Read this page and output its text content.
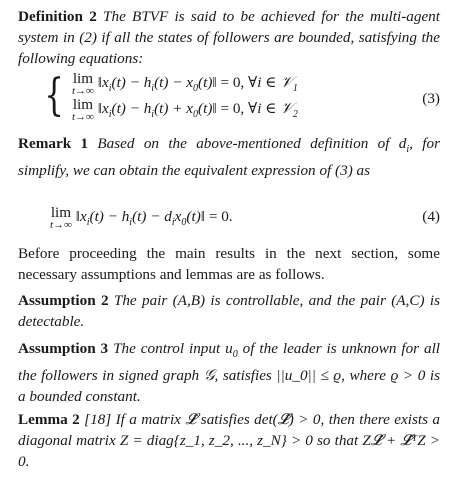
Definition 2 The BTVF is said to be achieved for the multi-agent system in (2) if all the states of followers are bounded, satisfying the following equations:
{ lim
t→∞ $‖x_i(t) - h_i(t)$ − $x_0(t)‖ = 0$, ∀i ∈ 𝒱$_1$
lim
t→∞ $‖x_i(t) - h_i(t)$ + $x_0(t)‖ = 0$, ∀i ∈ 𝒱$_2$
(3)
Remark 1 Based on the above-mentioned definition of $d_i$, for simplify, we can obtain the equivalent expression of (3) as
lim
t→∞ $‖x_i(t) - h_i(t)$ − $d_ix_0(t)‖ = 0$.	(4)
Before proceeding the main results in the next section, some necessary assumptions and lemmas are as follows.
Assumption 2 The pair (A,B) is controllable, and the pair (A,C) is detectable.
Assumption 3 The control input $u_0$ of the leader is unknown for all the followers in signed graph 𝒢, satisfies ||u_0|| ≤ ϱ, where ϱ > 0 is a bounded constant.
Lemma 2 [18] If a matrix 𝓛̂ satisfies det(𝓛̂) > 0, then there exists a diagonal matrix Z = diag{z_1, z_2, ..., z_N} > 0 so that Z𝓛̂ + 𝓛̂ᵀZ > 0.
